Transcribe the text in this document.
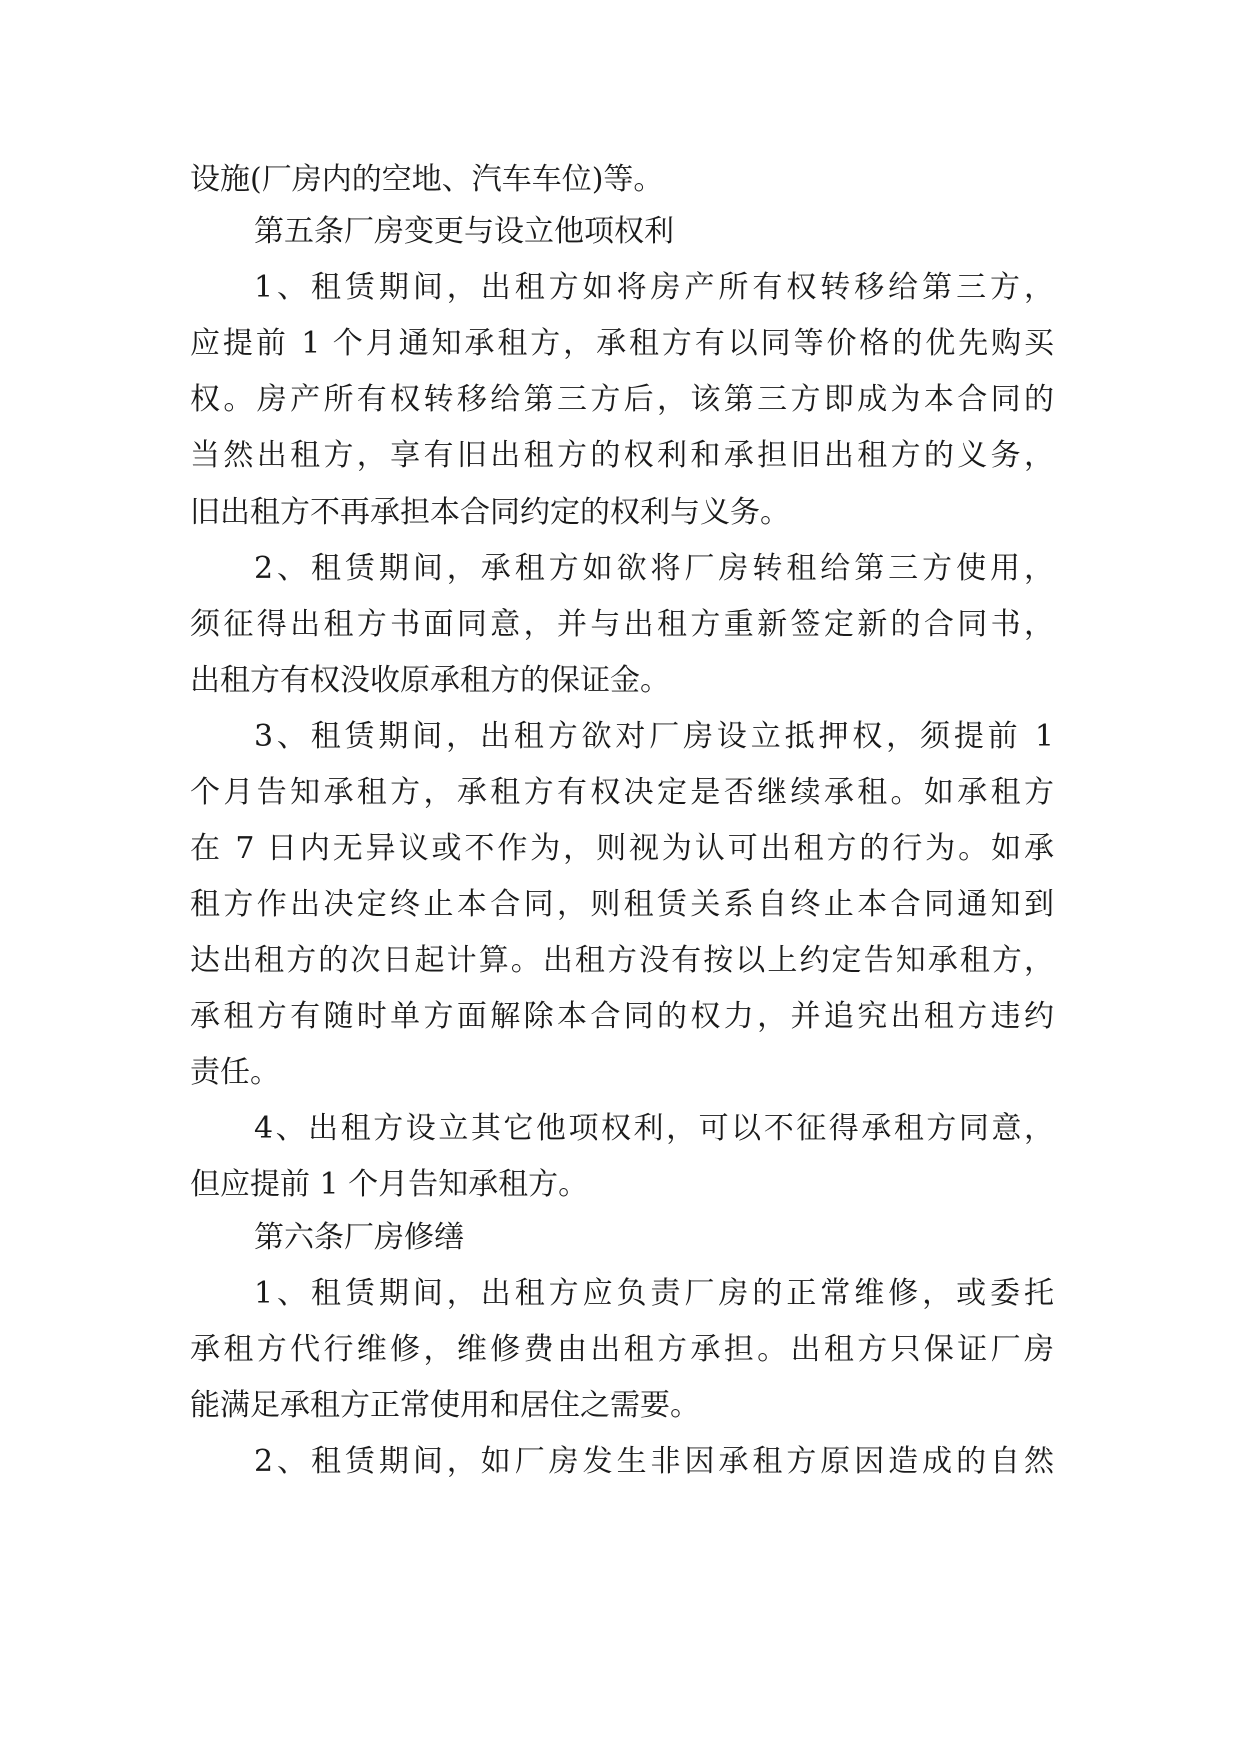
设施(厂房内的空地、汽车车位)等。
第五条厂房变更与设立他项权利
1、租赁期间，出租方如将房产所有权转移给第三方，
应提前 1 个月通知承租方，承租方有以同等价格的优先购买
权。房产所有权转移给第三方后，该第三方即成为本合同的
当然出租方，享有旧出租方的权利和承担旧出租方的义务，
旧出租方不再承担本合同约定的权利与义务。
2、租赁期间，承租方如欲将厂房转租给第三方使用，
须征得出租方书面同意，并与出租方重新签定新的合同书，
出租方有权没收原承租方的保证金。
3、租赁期间，出租方欲对厂房设立抵押权，须提前 1
个月告知承租方，承租方有权决定是否继续承租。如承租方
在 7 日内无异议或不作为，则视为认可出租方的行为。如承
租方作出决定终止本合同，则租赁关系自终止本合同通知到
达出租方的次日起计算。出租方没有按以上约定告知承租方，
承租方有随时单方面解除本合同的权力，并追究出租方违约
责任。
4、出租方设立其它他项权利，可以不征得承租方同意，
但应提前 1 个月告知承租方。
第六条厂房修缮
1、租赁期间，出租方应负责厂房的正常维修，或委托
承租方代行维修，维修费由出租方承担。出租方只保证厂房
能满足承租方正常使用和居住之需要。
2、租赁期间，如厂房发生非因承租方原因造成的自然
